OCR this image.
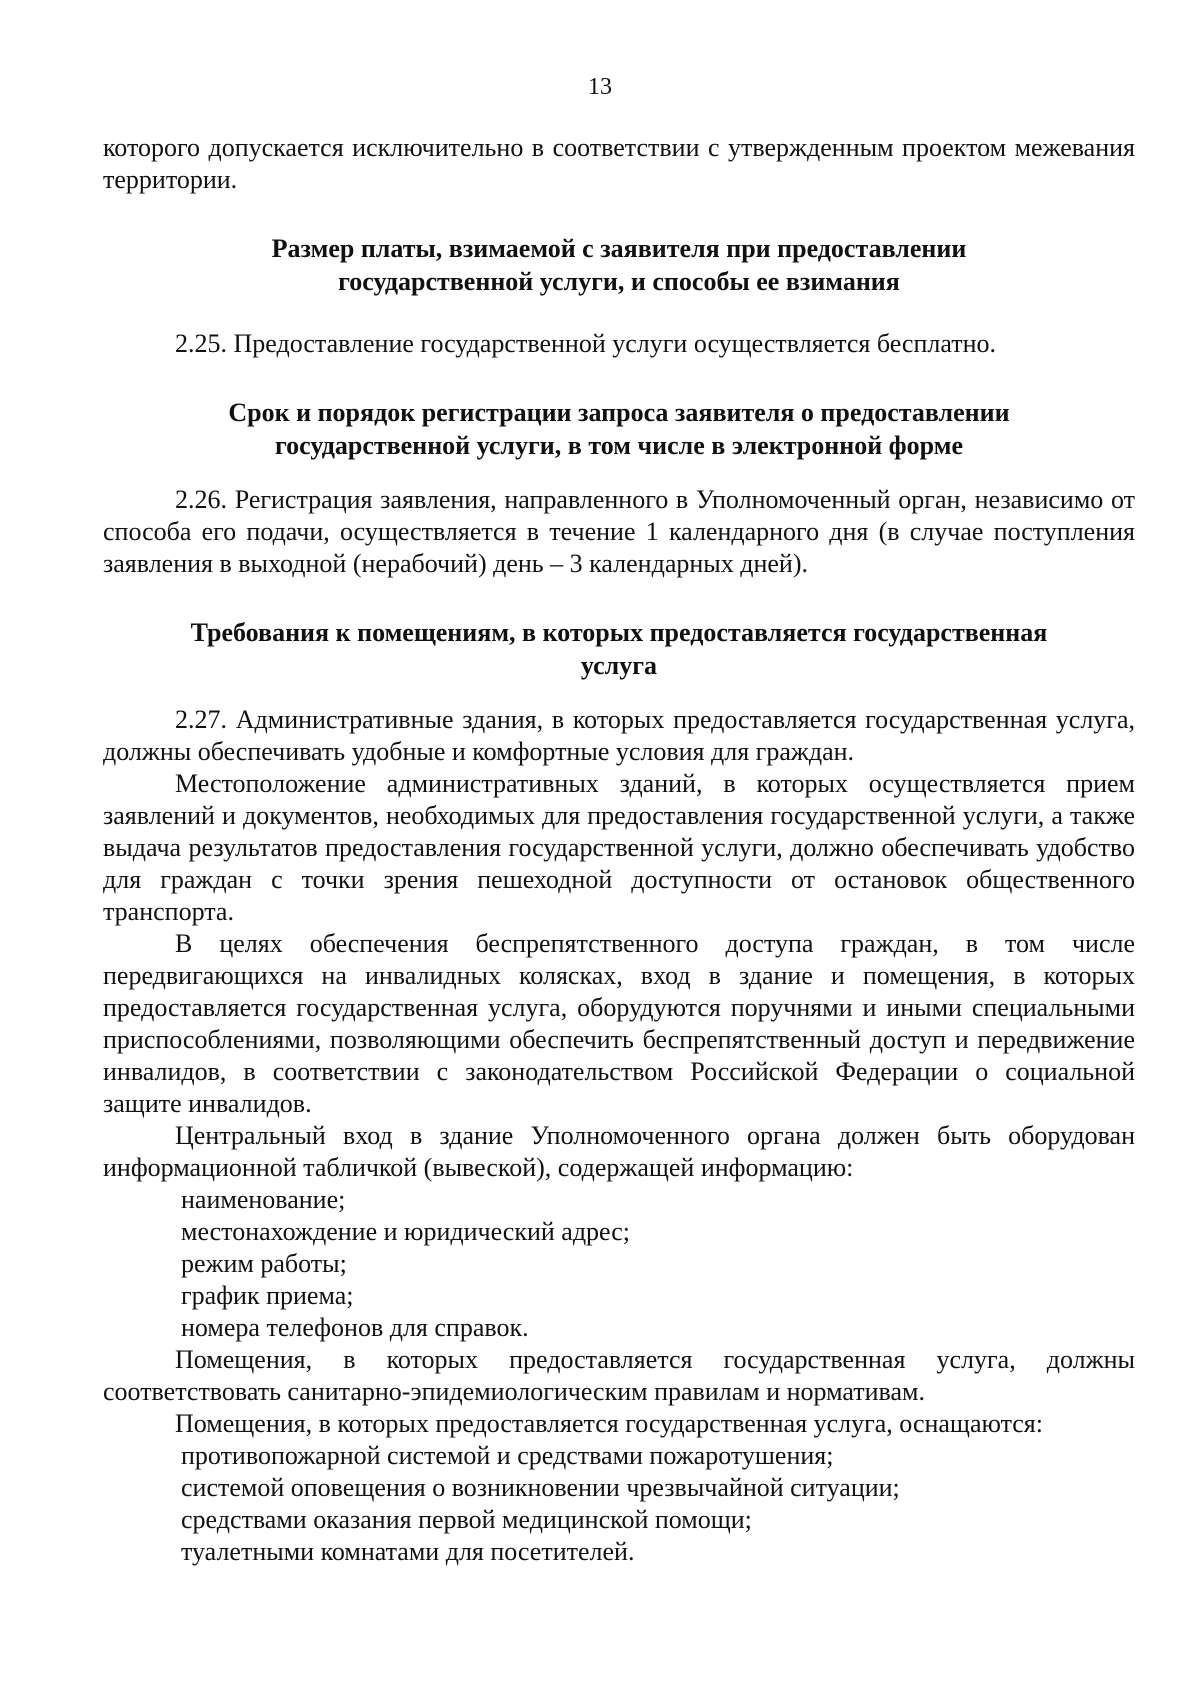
13

которого допускается исключительно в соответствии с утвержденным проектом межевания территории.

Размер платы, взимаемой с заявителя при предоставлении

государственной услуги, и способы ее взимания

2.25. Предоставление государственной услуги осуществляется бесплатно.

Срок и порядок регистрации запроса заявителя о предоставлении

государственной услуги, в том числе в электронной форме

2.26. Регистрация заявления, направленного в Уполномоченный орган, независимо от способа его подачи, осуществляется в течение 1 календарного дня (в случае поступления заявления в выходной (нерабочий) день – 3 календарных дней).

Требования к помещениям, в которых предоставляется государственная

услуга

2.27. Административные здания, в которых предоставляется государственная услуга, должны обеспечивать удобные и комфортные условия для граждан.

Местоположение административных зданий, в которых осуществляется прием заявлений и документов, необходимых для предоставления государственной услуги, а также выдача результатов предоставления государственной услуги, должно обеспечивать удобство для граждан с точки зрения пешеходной доступности от остановок общественного транспорта.

В целях обеспечения беспрепятственного доступа граждан, в том числе передвигающихся на инвалидных колясках, вход в здание и помещения, в которых предоставляется государственная услуга, оборудуются поручнями и иными специальными приспособлениями, позволяющими обеспечить беспрепятственный доступ и передвижение инвалидов, в соответствии с законодательством Российской Федерации о социальной защите инвалидов.

Центральный вход в здание Уполномоченного органа должен быть оборудован информационной табличкой (вывеской), содержащей информацию:

наименование;

местонахождение и юридический адрес;

режим работы;

график приема;

номера телефонов для справок.

Помещения, в которых предоставляется государственная услуга, должны соответствовать санитарно-эпидемиологическим правилам и нормативам.

Помещения, в которых предоставляется государственная услуга, оснащаются:

противопожарной системой и средствами пожаротушения;

системой оповещения о возникновении чрезвычайной ситуации;

средствами оказания первой медицинской помощи;

туалетными комнатами для посетителей.
